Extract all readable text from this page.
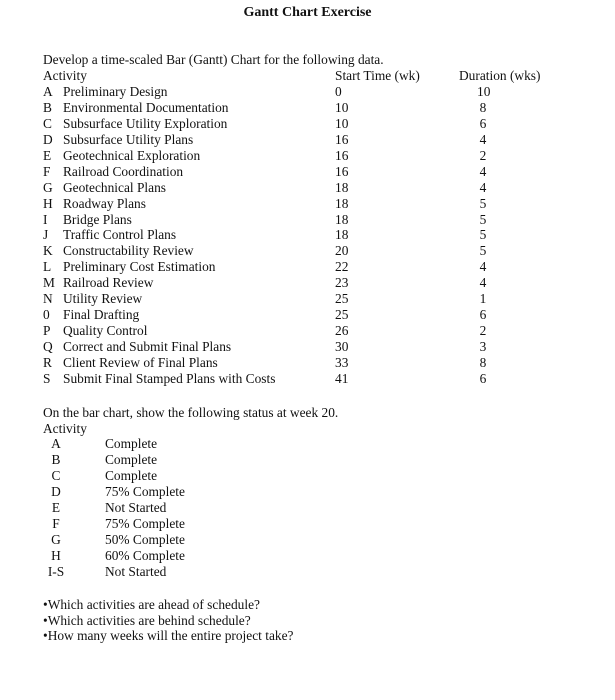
Gantt Chart Exercise
Develop a time-scaled Bar (Gantt) Chart for the following data.
Activity	Start Time (wk)	Duration (wks)
A Preliminary Design	0	10
B Environmental Documentation	10	8
C Subsurface Utility Exploration	10	6
D Subsurface Utility Plans	16	4
E Geotechnical Exploration	16	2
F Railroad Coordination	16	4
G Geotechnical Plans	18	4
H Roadway Plans	18	5
I Bridge Plans	18	5
J Traffic Control Plans	18	5
K Constructability Review	20	5
L Preliminary Cost Estimation	22	4
M Railroad Review	23	4
N Utility Review	25	1
0 Final Drafting	25	6
P Quality Control	26	2
Q Correct and Submit Final Plans	30	3
R Client Review of Final Plans	33	8
S Submit Final Stamped Plans with Costs	41	6
On the bar chart, show the following status at week 20.
Activity
A	Complete
B	Complete
C	Complete
D	75% Complete
E	Not Started
F	75% Complete
G	50% Complete
H	60% Complete
I-S	Not Started
•Which activities are ahead of schedule?
•Which activities are behind schedule?
•How many weeks will the entire project take?
